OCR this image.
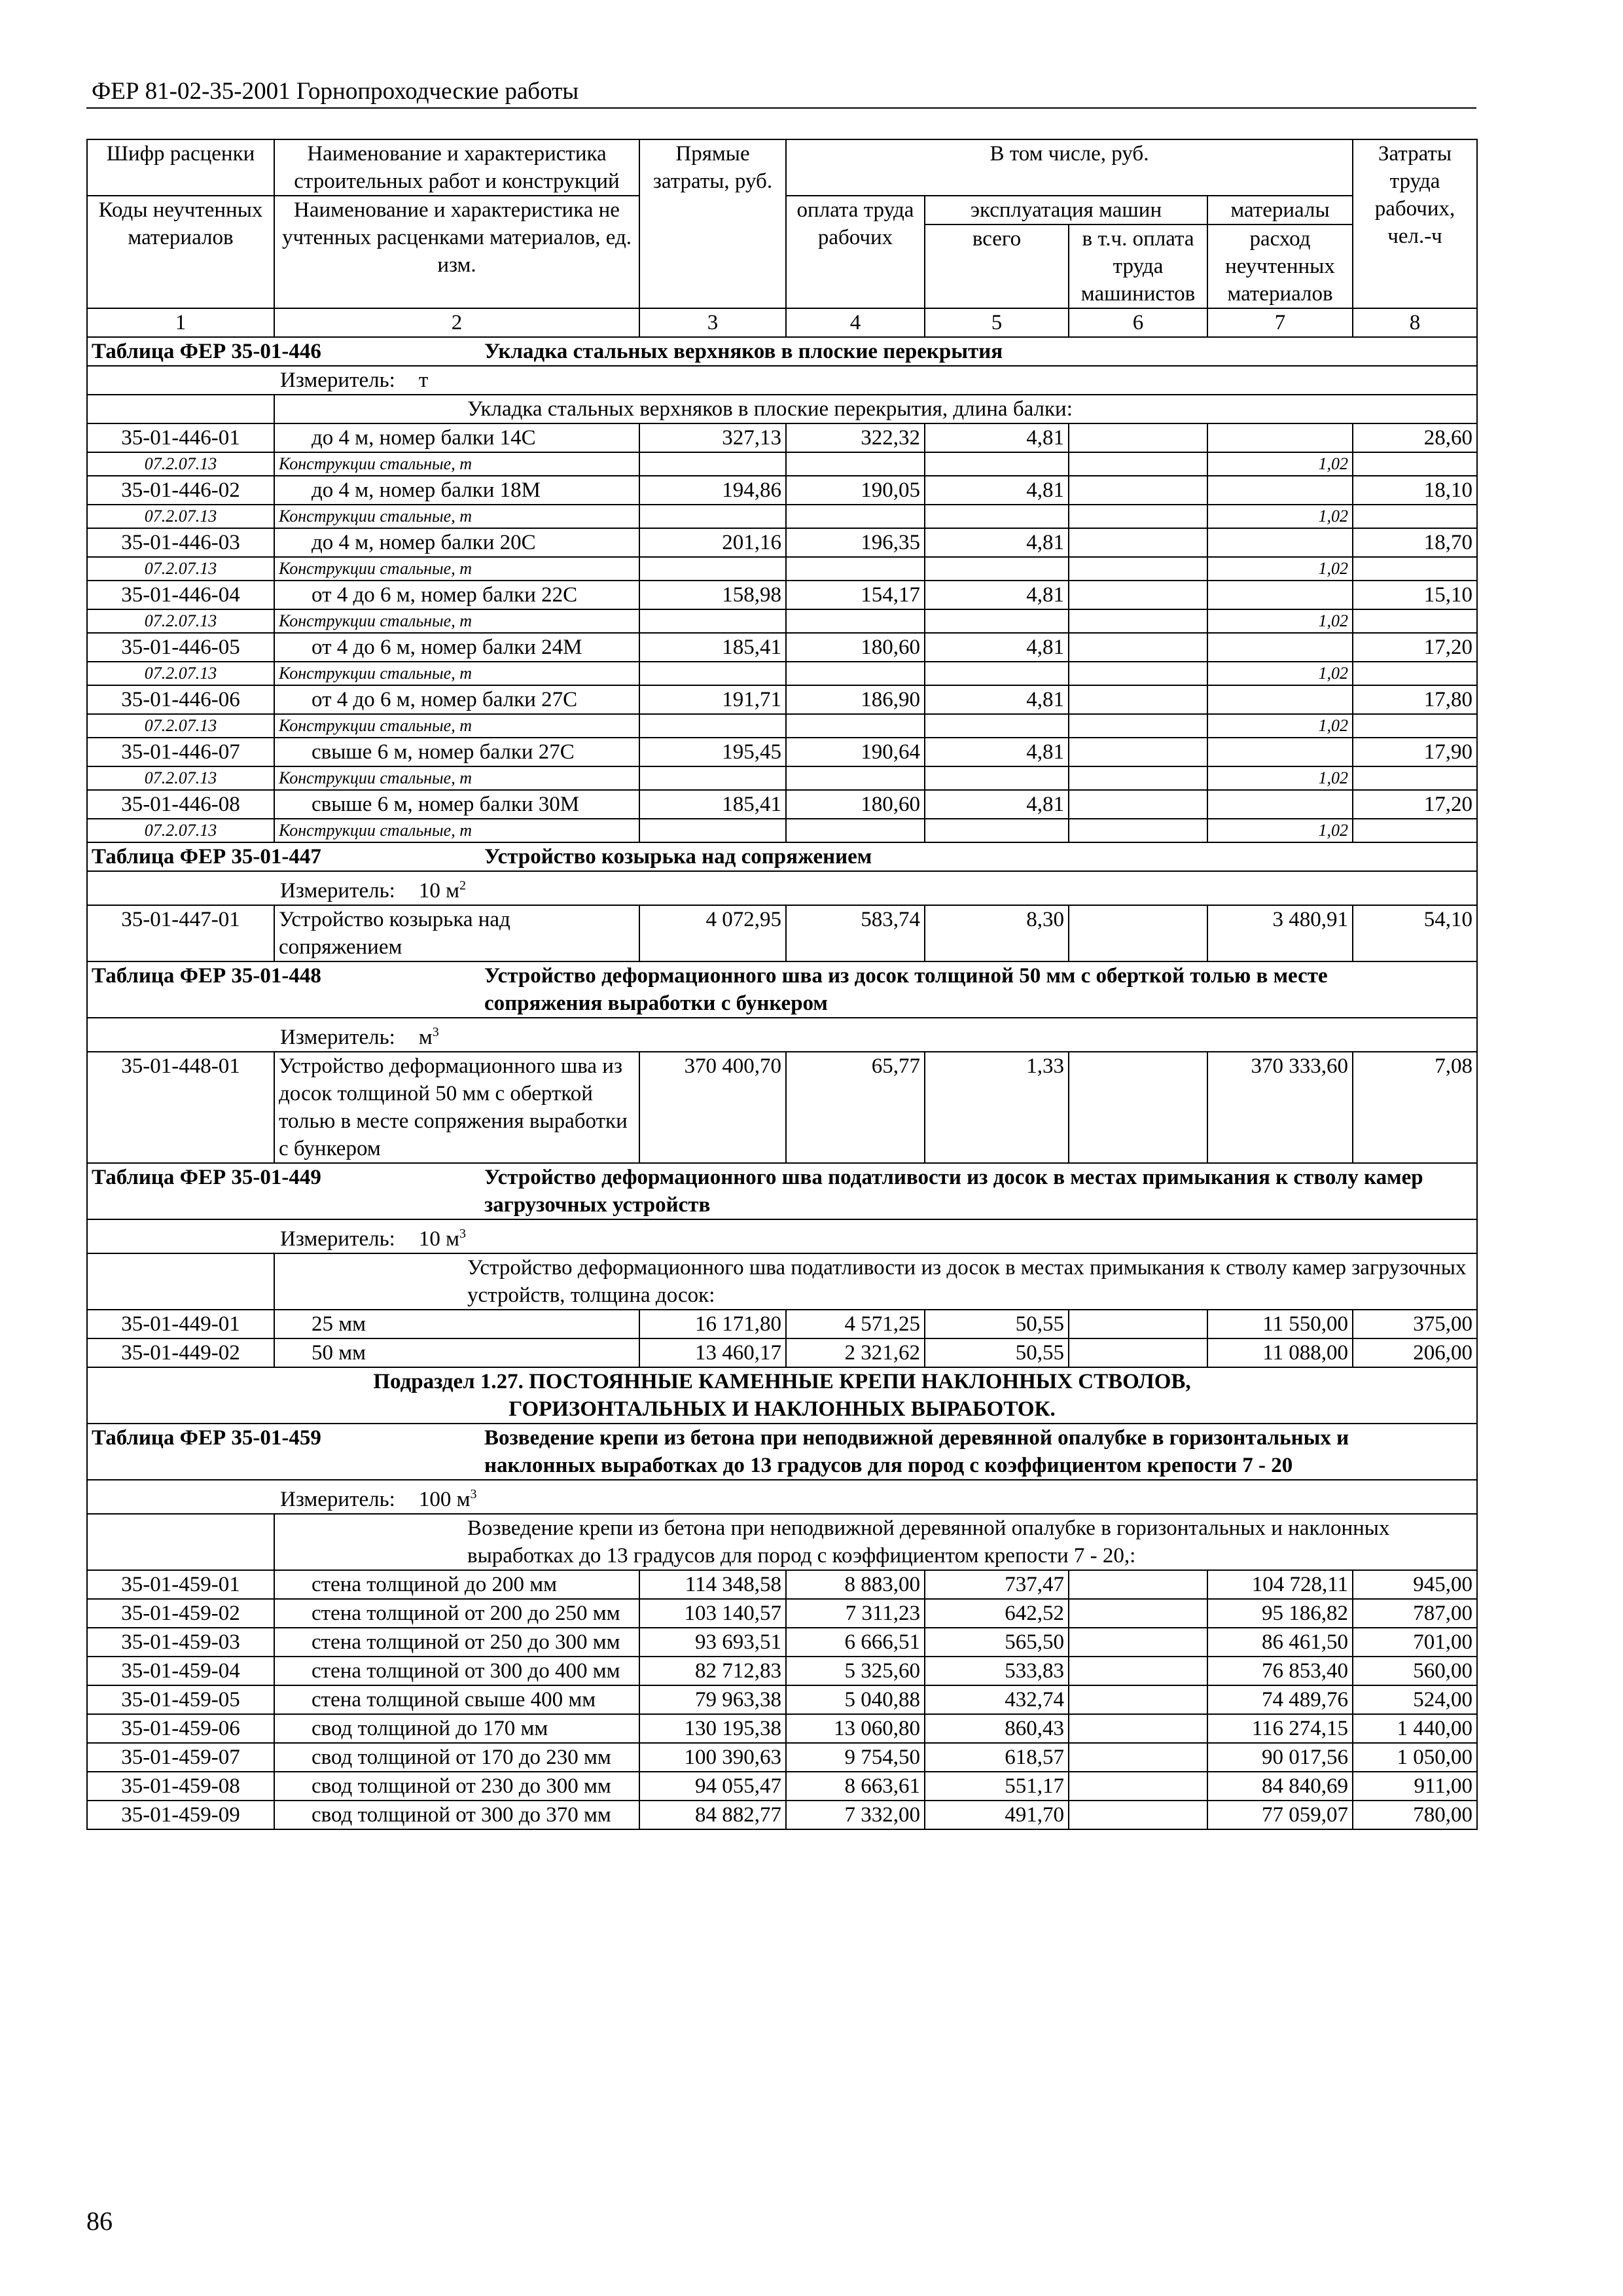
ФЕР 81-02-35-2001 Горнопроходческие работы
Шифр расценки	Наименование и характеристика строительных работ и конструкций	Прямые затраты, руб.	В том числе, руб.				Затраты труда рабочих, чел.-ч
Коды неучтенных материалов	Наименование и характеристика не учтенных расценками материалов, ед. изм.		оплата труда рабочих	эксплуатация машин		материалы	
				всего	в т.ч. оплата труда машинистов	расход неучтенных материалов	
1	2	3	4	5	6	7	8
Таблица ФЕР 35-01-446 Укладка стальных верхняков в плоские перекрытия							
Измеритель: т							
	Укладка стальных верхняков в плоские перекрытия, длина балки:						
35-01-446-01	до 4 м, номер балки 14С	327,13	322,32	4,81			28,60
07.2.07.13	Конструкции стальные, т					1,02	
35-01-446-02	до 4 м, номер балки 18М	194,86	190,05	4,81			18,10
07.2.07.13	Конструкции стальные, т					1,02	
35-01-446-03	до 4 м, номер балки 20С	201,16	196,35	4,81			18,70
07.2.07.13	Конструкции стальные, т					1,02	
35-01-446-04	от 4 до 6 м, номер балки 22С	158,98	154,17	4,81			15,10
07.2.07.13	Конструкции стальные, т					1,02	
35-01-446-05	от 4 до 6 м, номер балки 24М	185,41	180,60	4,81			17,20
07.2.07.13	Конструкции стальные, т					1,02	
35-01-446-06	от 4 до 6 м, номер балки 27С	191,71	186,90	4,81			17,80
07.2.07.13	Конструкции стальные, т					1,02	
35-01-446-07	свыше 6 м, номер балки 27С	195,45	190,64	4,81			17,90
07.2.07.13	Конструкции стальные, т					1,02	
35-01-446-08	свыше 6 м, номер балки 30М	185,41	180,60	4,81			17,20
07.2.07.13	Конструкции стальные, т					1,02	
Таблица ФЕР 35-01-447 Устройство козырька над сопряжением							
Измеритель: 10 $м^2$
35-01-447-01	Устройство козырька над сопряжением	4 072,95	583,74	8,30		3 480,91	54,10
Таблица ФЕР 35-01-448 Устройство деформационного шва из досок толщиной 50 мм с оберткой толью в месте сопряжения выработки с бункером							
Измеритель: $м^3$
35-01-448-01	Устройство деформационного шва из досок толщиной 50 мм с оберткой толью в месте сопряжения выработки с бункером	370 400,70	65,77	1,33		370 333,60	7,08
Таблица ФЕР 35-01-449 Устройство деформационного шва податливости из досок в местах примыкания к стволу камер загрузочных устройств							
Измеритель: 10 $м^3$
	Устройство деформационного шва податливости из досок в местах примыкания к стволу камер загрузочных устройств, толщина досок:						
35-01-449-01	25 мм	16 171,80	4 571,25	50,55		11 550,00	375,00
35-01-449-02	50 мм	13 460,17	2 321,62	50,55		11 088,00	206,00

Подраздел 1.27. ПОСТОЯННЫЕ КАМЕННЫЕ КРЕПИ НАКЛОННЫХ СТВОЛОВ,
ГОРИЗОНТАЛЬНЫХ И НАКЛОННЫХ ВЫРАБОТОК.							

Таблица ФЕР 35-01-459 Возведение крепи из бетона при неподвижной деревянной опалубке в горизонтальных и наклонных выработках до 13 градусов для пород с коэффициентом крепости 7 - 20							
Измеритель: 100 $м^3$
	Возведение крепи из бетона при неподвижной деревянной опалубке в горизонтальных и наклонных выработках до 13 градусов для пород с коэффициентом крепости 7 - 20,:						
35-01-459-01	стена толщиной до 200 мм	114 348,58	8 883,00	737,47		104 728,11	945,00
35-01-459-02	стена толщиной от 200 до 250 мм	103 140,57	7 311,23	642,52		95 186,82	787,00
35-01-459-03	стена толщиной от 250 до 300 мм	93 693,51	6 666,51	565,50		86 461,50	701,00
35-01-459-04	стена толщиной от 300 до 400 мм	82 712,83	5 325,60	533,83		76 853,40	560,00
35-01-459-05	стена толщиной свыше 400 мм	79 963,38	5 040,88	432,74		74 489,76	524,00
35-01-459-06	свод толщиной до 170 мм	130 195,38	13 060,80	860,43		116 274,15	1 440,00
35-01-459-07	свод толщиной от 170 до 230 мм	100 390,63	9 754,50	618,57		90 017,56	1 050,00
35-01-459-08	свод толщиной от 230 до 300 мм	94 055,47	8 663,61	551,17		84 840,69	911,00
35-01-459-09	свод толщиной от 300 до 370 мм	84 882,77	7 332,00	491,70		77 059,07	780,00
86
